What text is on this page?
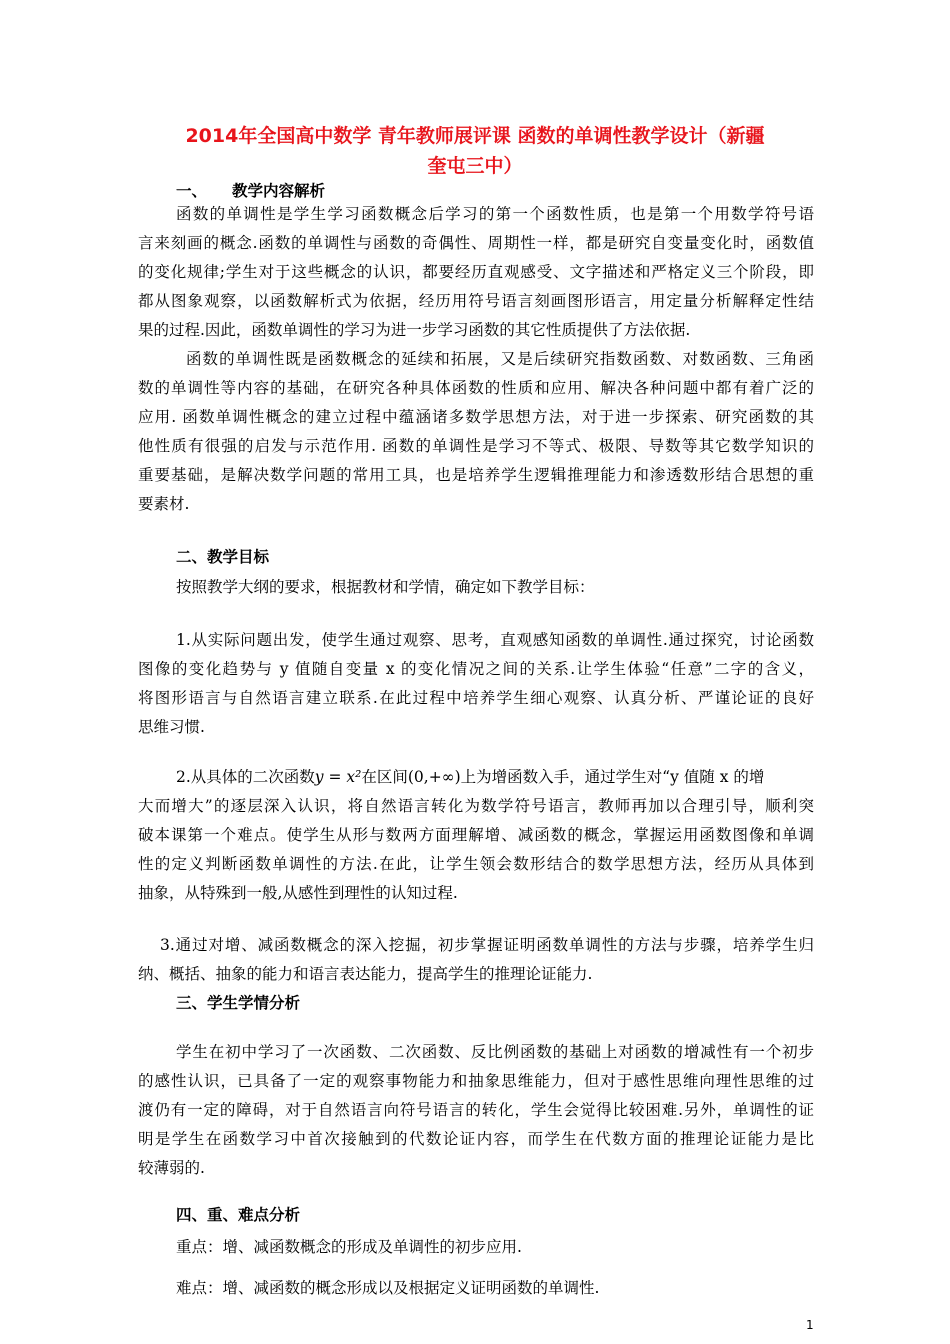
2014年全国高中数学 青年教师展评课 函数的单调性教学设计（新疆
奎屯三中）
一、 教学内容解析
函数的单调性是学生学习函数概念后学习的第一个函数性质，也是第一个用数学符号语
言来刻画的概念.函数的单调性与函数的奇偶性、周期性一样，都是研究自变量变化时，函数值
的变化规律;学生对于这些概念的认识，都要经历直观感受、文字描述和严格定义三个阶段，即
都从图象观察，以函数解析式为依据，经历用符号语言刻画图形语言，用定量分析解释定性结
果的过程.因此，函数单调性的学习为进一步学习函数的其它性质提供了方法依据.
函数的单调性既是函数概念的延续和拓展，又是后续研究指数函数、对数函数、三角函
数的单调性等内容的基础，在研究各种具体函数的性质和应用、解决各种问题中都有着广泛的
应用. 函数单调性概念的建立过程中蕴涵诸多数学思想方法，对于进一步探索、研究函数的其
他性质有很强的启发与示范作用. 函数的单调性是学习不等式、极限、导数等其它数学知识的
重要基础，是解决数学问题的常用工具，也是培养学生逻辑推理能力和渗透数形结合思想的重
要素材.
二、教学目标
按照教学大纲的要求，根据教材和学情，确定如下教学目标：
1.从实际问题出发，使学生通过观察、思考，直观感知函数的单调性.通过探究，讨论函数
图像的变化趋势与 y 值随自变量 x 的变化情况之间的关系.让学生体验“任意”二字的含义，
将图形语言与自然语言建立联系.在此过程中培养学生细心观察、认真分析、严谨论证的良好
思维习惯.
2.从具体的二次函数y = x²在区间(0,+∞)上为增函数入手，通过学生对“y 值随 x 的增
大而增大”的逐层深入认识，将自然语言转化为数学符号语言，教师再加以合理引导，顺利突
破本课第一个难点。使学生从形与数两方面理解增、减函数的概念，掌握运用函数图像和单调
性的定义判断函数单调性的方法.在此，让学生领会数形结合的数学思想方法，经历从具体到
抽象，从特殊到一般,从感性到理性的认知过程.
3.通过对增、减函数概念的深入挖掘，初步掌握证明函数单调性的方法与步骤，培养学生归
纳、概括、抽象的能力和语言表达能力，提高学生的推理论证能力.
三、学生学情分析
学生在初中学习了一次函数、二次函数、反比例函数的基础上对函数的增减性有一个初步
的感性认识，已具备了一定的观察事物能力和抽象思维能力，但对于感性思维向理性思维的过
渡仍有一定的障碍，对于自然语言向符号语言的转化，学生会觉得比较困难.另外，单调性的证
明是学生在函数学习中首次接触到的代数论证内容，而学生在代数方面的推理论证能力是比
较薄弱的.
四、重、难点分析
重点：增、减函数概念的形成及单调性的初步应用.
难点：增、减函数的概念形成以及根据定义证明函数的单调性.
1
